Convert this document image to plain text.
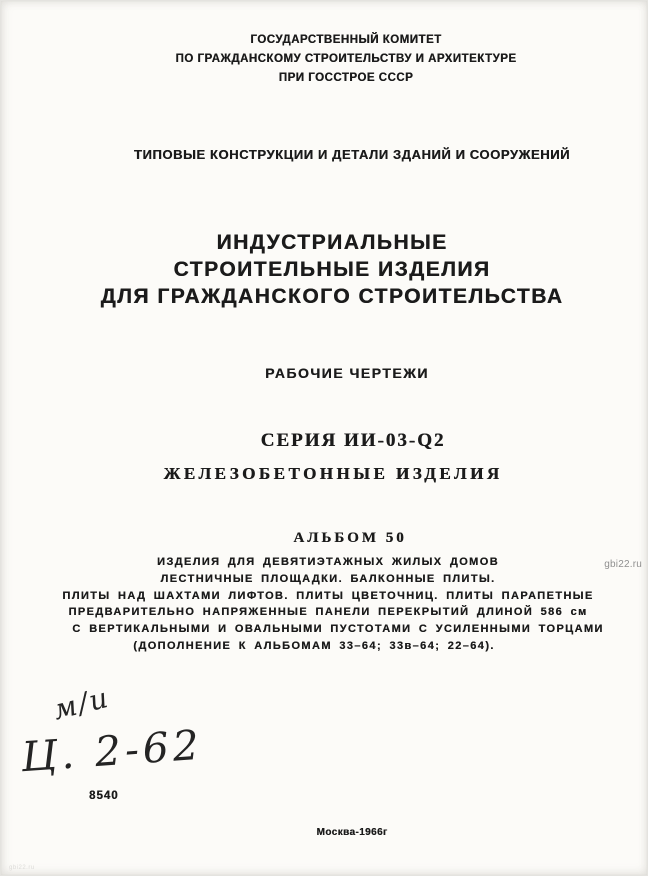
ГОСУДАРСТВЕННЫЙ КОМИТЕТ
ПО ГРАЖДАНСКОМУ СТРОИТЕЛЬСТВУ И АРХИТЕКТУРЕ
ПРИ ГОССТРОЕ СССР
ТИПОВЫЕ КОНСТРУКЦИИ И ДЕТАЛИ ЗДАНИЙ И СООРУЖЕНИЙ
ИНДУСТРИАЛЬНЫЕ
СТРОИТЕЛЬНЫЕ ИЗДЕЛИЯ
ДЛЯ ГРАЖДАНСКОГО СТРОИТЕЛЬСТВА
РАБОЧИЕ ЧЕРТЕЖИ
СЕРИЯ ИИ-03-Q2
ЖЕЛЕЗОБЕТОННЫЕ ИЗДЕЛИЯ
АЛЬБОМ 50
ИЗДЕЛИЯ ДЛЯ ДЕВЯТИЭТАЖНЫХ ЖИЛЫХ ДОМОВ
ЛЕСТНИЧНЫЕ ПЛОЩАДКИ. БАЛКОННЫЕ ПЛИТЫ.
ПЛИТЫ НАД ШАХТАМИ ЛИФТОВ. ПЛИТЫ ЦВЕТОЧНИЦ. ПЛИТЫ ПАРАПЕТНЫЕ
ПРЕДВАРИТЕЛЬНО НАПРЯЖЕННЫЕ ПАНЕЛИ ПЕРЕКРЫТИЙ ДЛИНОЙ 586 см
С ВЕРТИКАЛЬНЫМИ И ОВАЛЬНЫМИ ПУСТОТАМИ С УСИЛЕННЫМИ ТОРЦАМИ
(ДОПОЛНЕНИЕ К АЛЬБОМАМ 33–64; 33в–64; 22–64).
gbi22.ru
м/и
Ц. 2-62
8540
Москва-1966г
gbi22.ru
